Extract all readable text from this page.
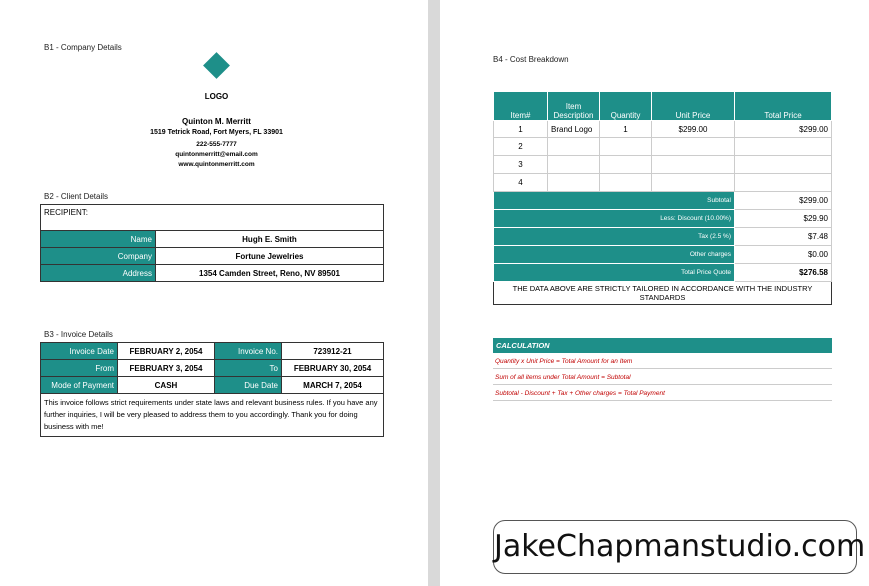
B1 - Company Details
LOGO
Quinton M. Merritt
1519 Tetrick Road, Fort Myers, FL 33901
222-555-7777
quintonmerritt@email.com
www.quintonmerritt.com
B2 - Client Details
RECIPIENT:	
Name	Hugh E. Smith
Company	Fortune Jewelries
Address	1354 Camden Street, Reno, NV 89501
B3 - Invoice Details
Invoice Date	FEBRUARY 2, 2054	Invoice No.	723912-21
From	FEBRUARY 3, 2054	To	FEBRUARY 30, 2054
Mode of Payment	CASH	Due Date	MARCH 7, 2054
This invoice follows strict requirements under state laws and relevant business rules. If you have any further inquiries, I will be very pleased to address them to you accordingly. Thank you for doing business with me!			
B4 - Cost Breakdown
Item#	Item Description	Quantity	Unit Price	Total Price
1	Brand Logo	1	$299.00	$299.00
2				
3				
4				
Subtotal				$299.00
Less: Discount (10.00%)				$29.90
Tax (2.5 %)				$7.48
Other charges				$0.00
Total Price Quote				$276.58
THE DATA ABOVE ARE STRICTLY TAILORED IN ACCORDANCE WITH THE INDUSTRY STANDARDS				
CALCULATION
Quantity x Unit Price = Total Amount for an Item
Sum of all items under Total Amount = Subtotal
Subtotal - Discount + Tax + Other charges = Total Payment
JakeChapmanstudio.com
